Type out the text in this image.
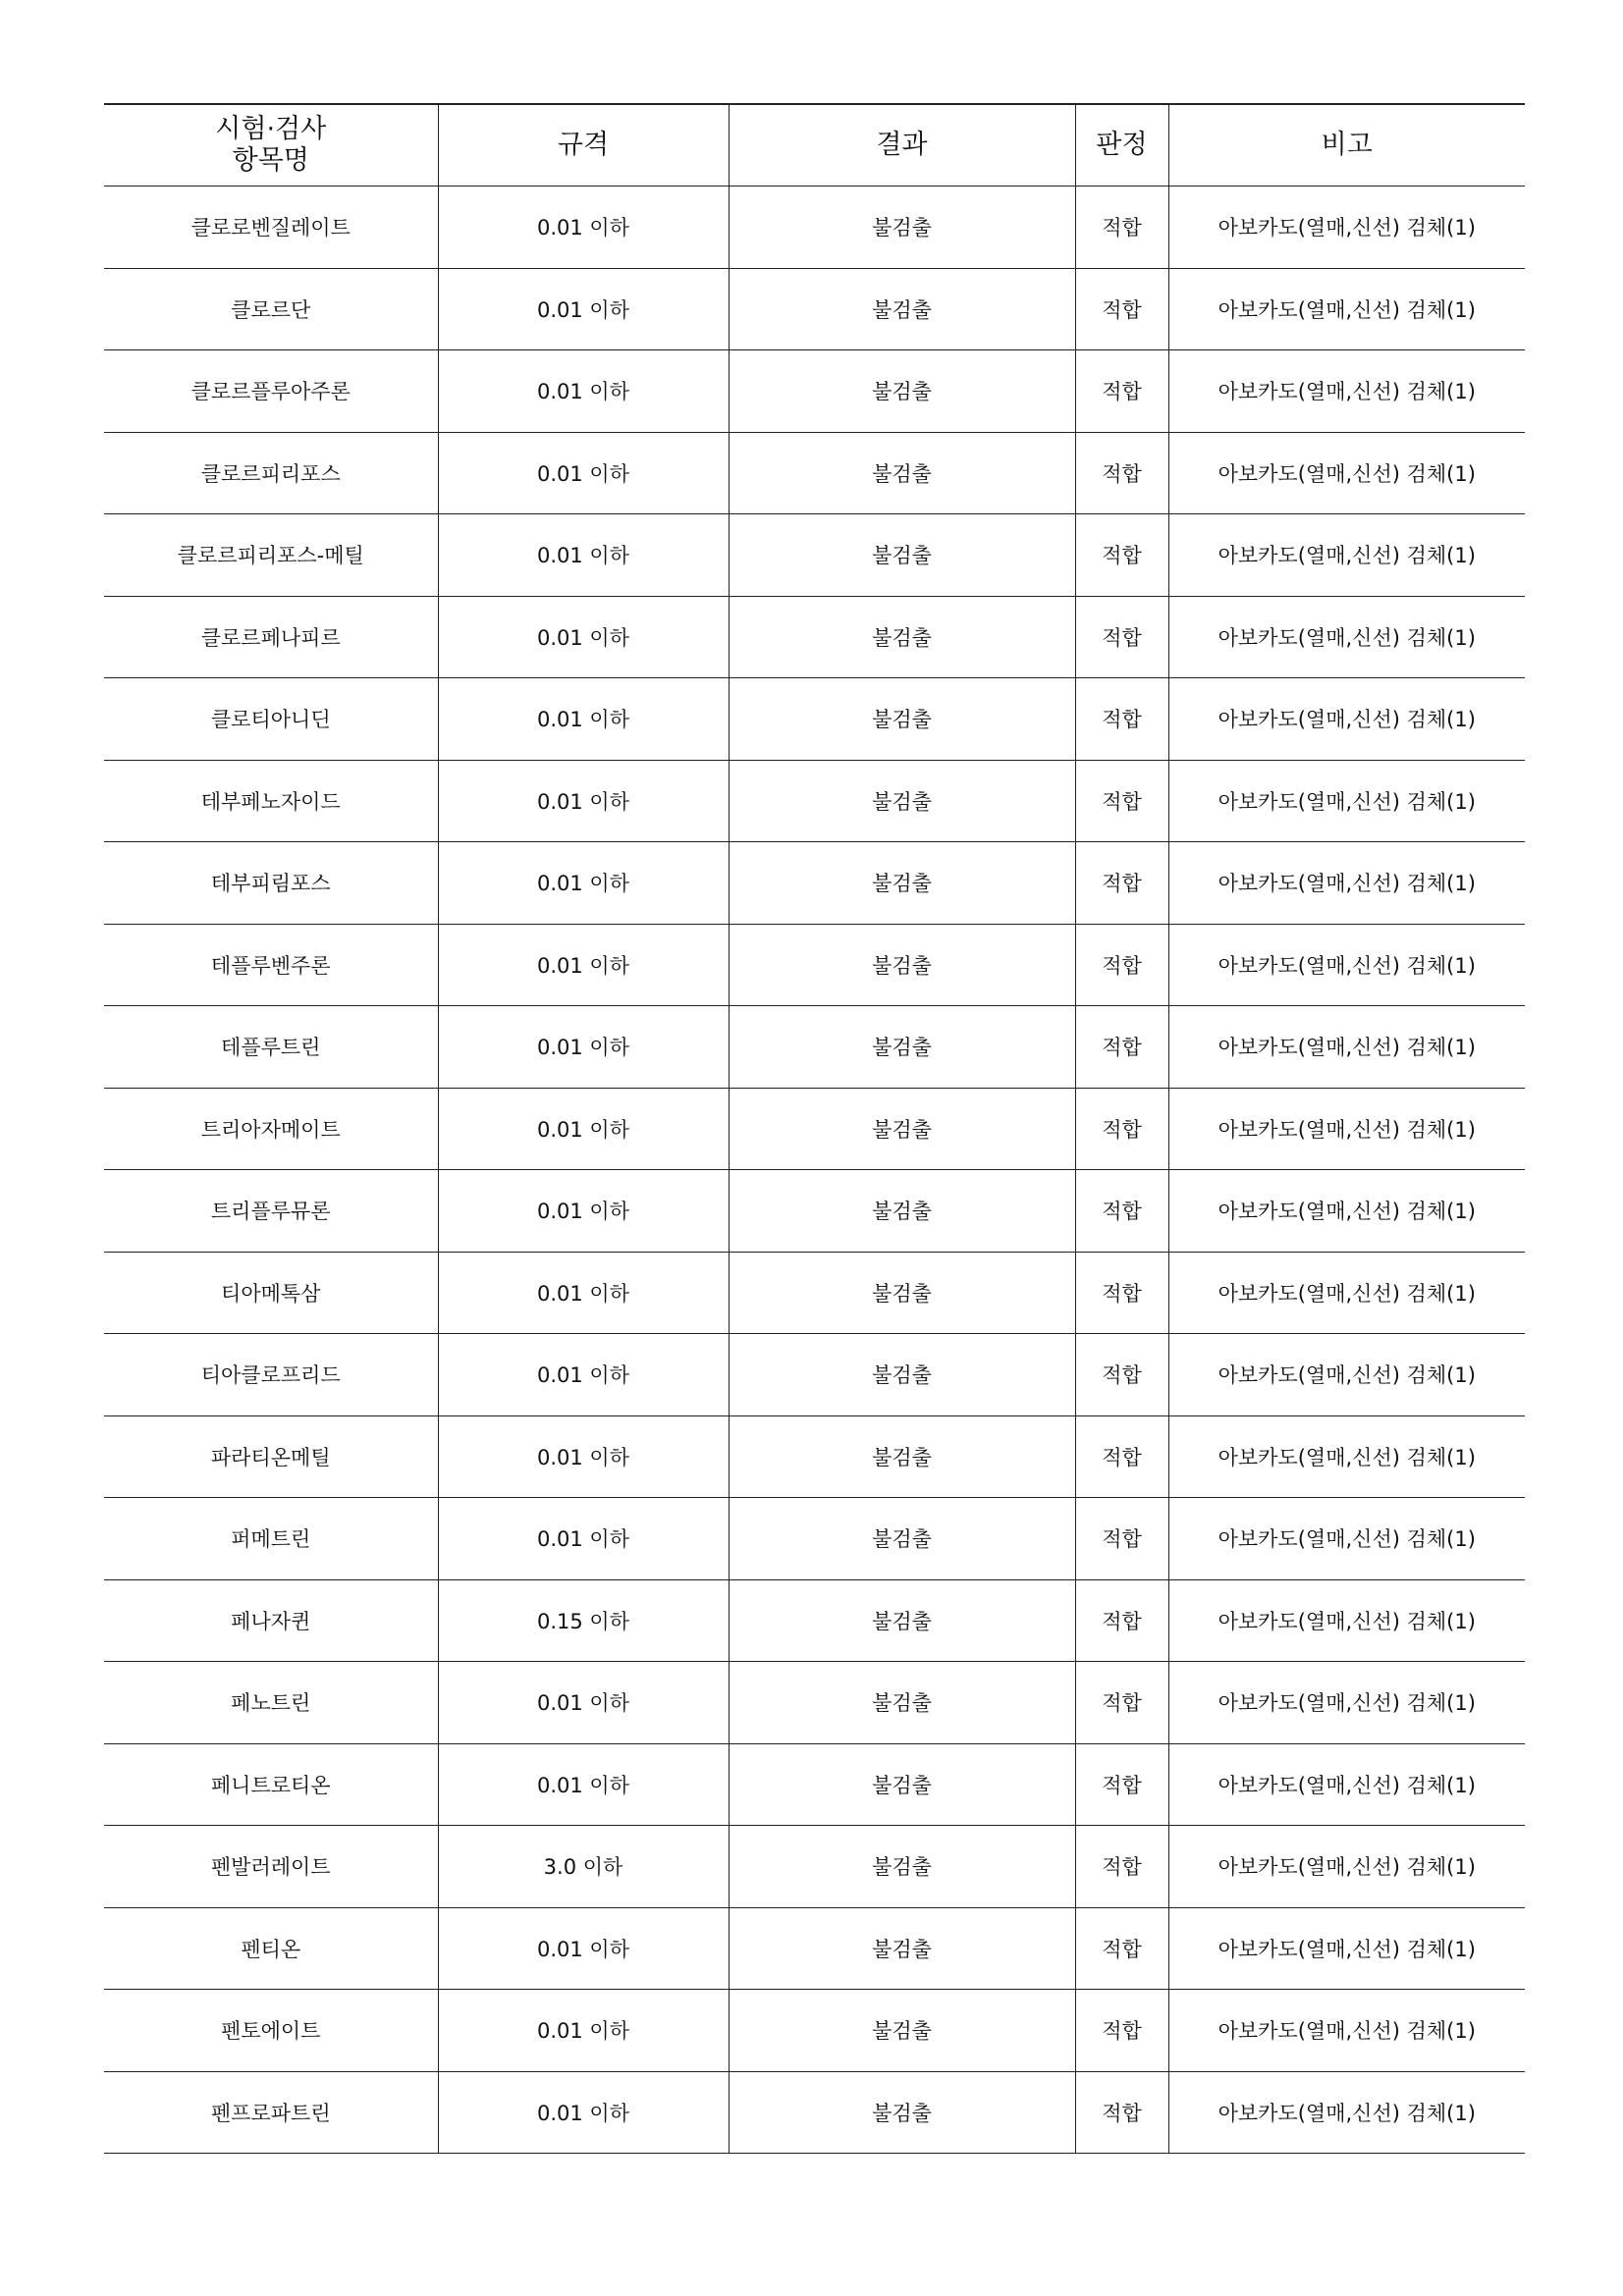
시험·검사
항목명	규격	결과	판정	비고
클로로벤질레이트	0.01 이하	불검출	적합	아보카도(열매,신선) 검체(1)
클로르단	0.01 이하	불검출	적합	아보카도(열매,신선) 검체(1)
클로르플루아주론	0.01 이하	불검출	적합	아보카도(열매,신선) 검체(1)
클로르피리포스	0.01 이하	불검출	적합	아보카도(열매,신선) 검체(1)
클로르피리포스-메틸	0.01 이하	불검출	적합	아보카도(열매,신선) 검체(1)
클로르페나피르	0.01 이하	불검출	적합	아보카도(열매,신선) 검체(1)
클로티아니딘	0.01 이하	불검출	적합	아보카도(열매,신선) 검체(1)
테부페노자이드	0.01 이하	불검출	적합	아보카도(열매,신선) 검체(1)
테부피림포스	0.01 이하	불검출	적합	아보카도(열매,신선) 검체(1)
테플루벤주론	0.01 이하	불검출	적합	아보카도(열매,신선) 검체(1)
테플루트린	0.01 이하	불검출	적합	아보카도(열매,신선) 검체(1)
트리아자메이트	0.01 이하	불검출	적합	아보카도(열매,신선) 검체(1)
트리플루뮤론	0.01 이하	불검출	적합	아보카도(열매,신선) 검체(1)
티아메톡삼	0.01 이하	불검출	적합	아보카도(열매,신선) 검체(1)
티아클로프리드	0.01 이하	불검출	적합	아보카도(열매,신선) 검체(1)
파라티온메틸	0.01 이하	불검출	적합	아보카도(열매,신선) 검체(1)
퍼메트린	0.01 이하	불검출	적합	아보카도(열매,신선) 검체(1)
페나자퀸	0.15 이하	불검출	적합	아보카도(열매,신선) 검체(1)
페노트린	0.01 이하	불검출	적합	아보카도(열매,신선) 검체(1)
페니트로티온	0.01 이하	불검출	적합	아보카도(열매,신선) 검체(1)
펜발러레이트	3.0 이하	불검출	적합	아보카도(열매,신선) 검체(1)
펜티온	0.01 이하	불검출	적합	아보카도(열매,신선) 검체(1)
펜토에이트	0.01 이하	불검출	적합	아보카도(열매,신선) 검체(1)
펜프로파트린	0.01 이하	불검출	적합	아보카도(열매,신선) 검체(1)
